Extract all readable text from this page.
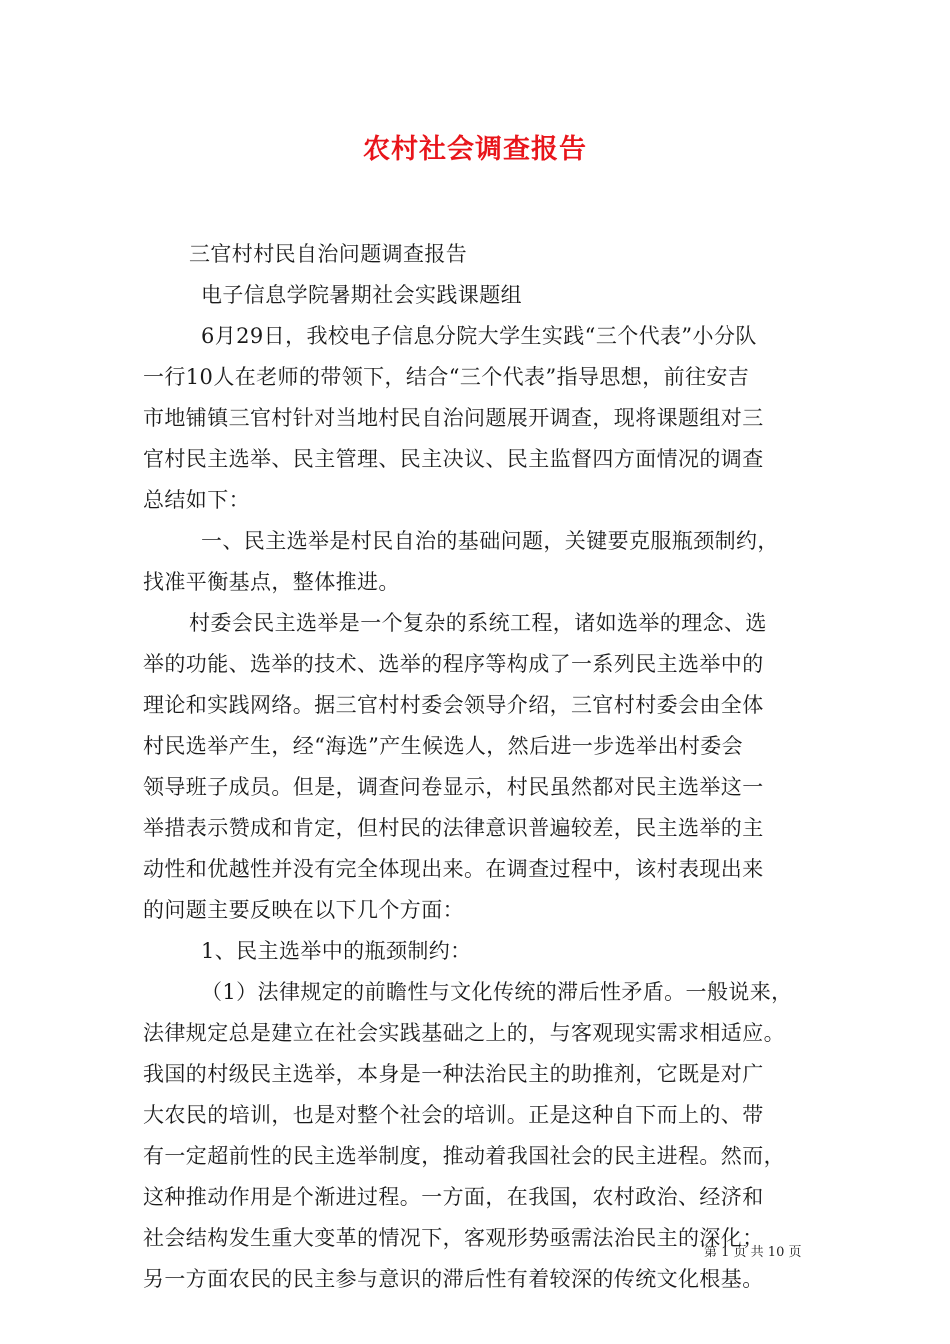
农村社会调查报告
三官村村民自治问题调查报告
电子信息学院暑期社会实践课题组
6月29日，我校电子信息分院大学生实践“三个代表”小分队
一行10人在老师的带领下，结合“三个代表”指导思想，前往安吉
市地铺镇三官村针对当地村民自治问题展开调查，现将课题组对三
官村民主选举、民主管理、民主决议、民主监督四方面情况的调查
总结如下：
一、民主选举是村民自治的基础问题，关键要克服瓶颈制约，
找准平衡基点，整体推进。
村委会民主选举是一个复杂的系统工程，诸如选举的理念、选
举的功能、选举的技术、选举的程序等构成了一系列民主选举中的
理论和实践网络。据三官村村委会领导介绍，三官村村委会由全体
村民选举产生，经“海选”产生候选人，然后进一步选举出村委会
领导班子成员。但是，调查问卷显示，村民虽然都对民主选举这一
举措表示赞成和肯定，但村民的法律意识普遍较差，民主选举的主
动性和优越性并没有完全体现出来。在调查过程中，该村表现出来
的问题主要反映在以下几个方面：
1、民主选举中的瓶颈制约：
（1）法律规定的前瞻性与文化传统的滞后性矛盾。一般说来，
法律规定总是建立在社会实践基础之上的，与客观现实需求相适应。
我国的村级民主选举，本身是一种法治民主的助推剂，它既是对广
大农民的培训，也是对整个社会的培训。正是这种自下而上的、带
有一定超前性的民主选举制度，推动着我国社会的民主进程。然而，
这种推动作用是个渐进过程。一方面，在我国，农村政治、经济和
社会结构发生重大变革的情况下，客观形势亟需法治民主的深化；
另一方面农民的民主参与意识的滞后性有着较深的传统文化根基。
第 1 页 共 10 页
